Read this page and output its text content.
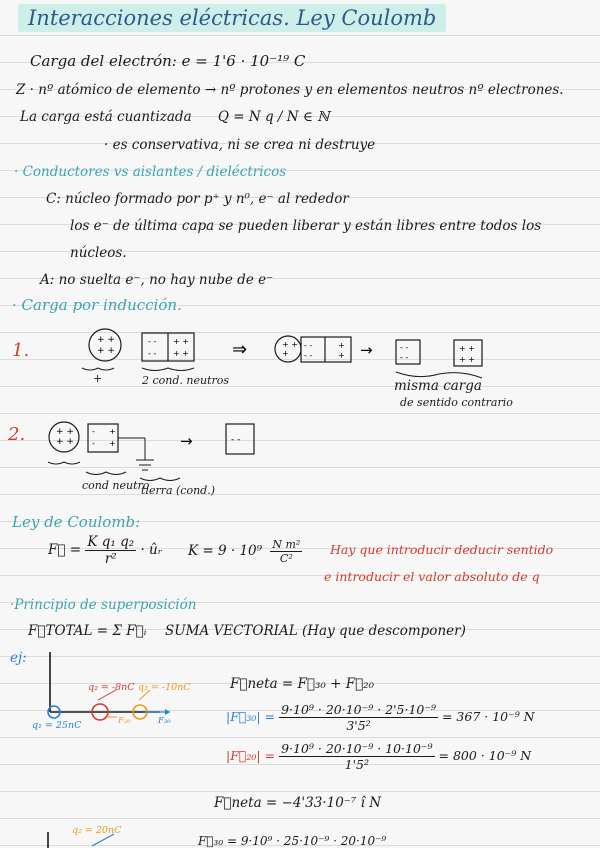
Interacciones eléctricas. Ley Coulomb
Carga del electrón: e = 1'6 · 10⁻¹⁹ C
Z · nº atómico de elemento → nº protones y en elementos neutros nº electrones.
La carga está cuantizada Q = N q / N ∈ ℕ
· es conservativa, ni se crea ni destruye
· Conductores vs aislantes / dieléctricos
C: núcleo formado por p⁺ y n⁰, e⁻ al rededor
los e⁻ de última capa se pueden liberar y están libres entre todos los
núcleos.
A: no suelta e⁻, no hay nube de e⁻
· Carga por inducción.
+ +
+ +
- -
- -
+ +
+ + ⇒	+ +
+
- -
- -
+
+ →	- -
- -
+ +
+ +
+ +
+ +
-
-
+
+	→	- -
1.
+	2 cond. neutros	misma carga
de sentido contrario
2.
cond neutro
tierra (cond.)
Ley de Coulomb:
F⃗ = $\frac{\text{K q₁ q₂}}{\text{r²}}$ · ûᵣ $K = 9 \cdot 10^9 \frac{\text{N m²}}{\text{C²}}$ Hay que introducir deducir sentido
e introducir el valor absoluto de q
·Principio de superposición
F⃗TOTAL = Σ F⃗ᵢ SUMA VECTORIAL (Hay que descomponer)
ej:
q₁ = 25nC
q₂ = -8nC q₃ = -10nC
F₂₀	F₃₀
F⃗neta = F⃗₃₀ + F⃗₂₀
|F⃗₃₀| = $\frac{\text{9·10⁹ · 20·10⁻⁹ · 2'5·10⁻⁹}}{\text{3'5²}} = 367 \cdot 10^{-9}$ N
|F⃗₂₀| = $\frac{\text{9·10⁹ · 20·10⁻⁹ · 10·10⁻⁹}}{\text{1'5²}} = 800 \cdot 10^{-9}$ N
F⃗neta = −4'33·10⁻⁷ î N
q₂ = 20nC
F⃗₃₀ = 9·10⁹ · 25·10⁻⁹ · 20·10⁻⁹
